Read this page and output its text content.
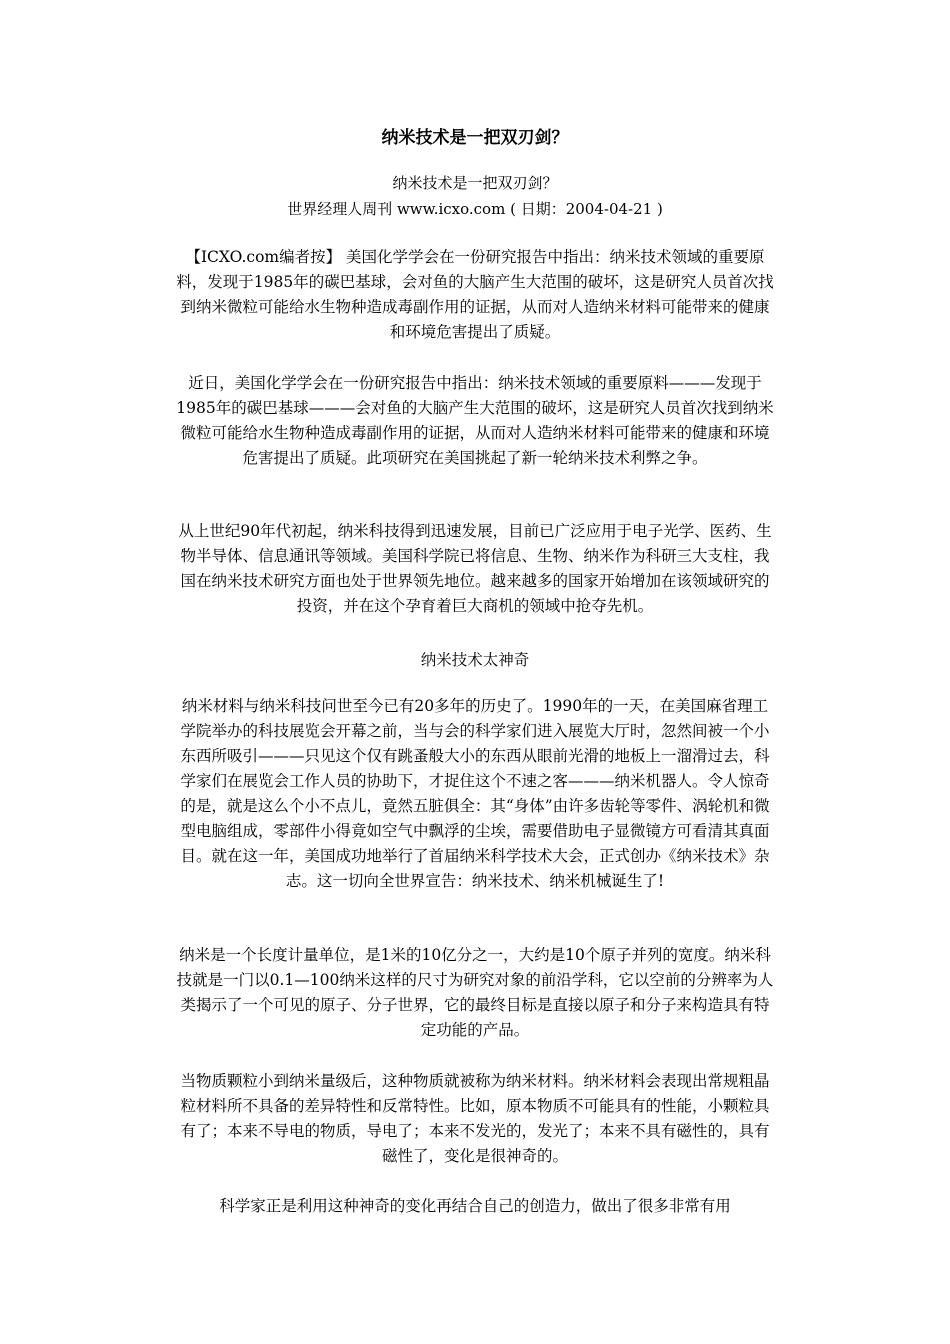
纳米技术是一把双刃剑？
纳米技术是一把双刃剑？
世界经理人周刊 www.icxo.com ( 日期：2004-04-21 )

【ICXO.com编者按】 美国化学学会在一份研究报告中指出：纳米技术领域的重要原料，发现于1985年的碳巴基球，会对鱼的大脑产生大范围的破坏，这是研究人员首次找到纳米微粒可能给水生物种造成毒副作用的证据，从而对人造纳米材料可能带来的健康和环境危害提出了质疑。

近日，美国化学学会在一份研究报告中指出：纳米技术领域的重要原料———发现于1985年的碳巴基球———会对鱼的大脑产生大范围的破坏，这是研究人员首次找到纳米微粒可能给水生物种造成毒副作用的证据，从而对人造纳米材料可能带来的健康和环境危害提出了质疑。此项研究在美国挑起了新一轮纳米技术利弊之争。

从上世纪90年代初起，纳米科技得到迅速发展，目前已广泛应用于电子光学、医药、生物半导体、信息通讯等领域。美国科学院已将信息、生物、纳米作为科研三大支柱，我国在纳米技术研究方面也处于世界领先地位。越来越多的国家开始增加在该领域研究的投资，并在这个孕育着巨大商机的领域中抢夺先机。

纳米技术太神奇

纳米材料与纳米科技问世至今已有20多年的历史了。1990年的一天，在美国麻省理工学院举办的科技展览会开幕之前，当与会的科学家们进入展览大厅时，忽然间被一个小东西所吸引———只见这个仅有跳蚤般大小的东西从眼前光滑的地板上一溜滑过去，科学家们在展览会工作人员的协助下，才捉住这个不速之客———纳米机器人。令人惊奇的是，就是这么个小不点儿，竟然五脏俱全：其“身体”由许多齿轮等零件、涡轮机和微型电脑组成，零部件小得竟如空气中飘浮的尘埃，需要借助电子显微镜方可看清其真面目。就在这一年，美国成功地举行了首届纳米科学技术大会，正式创办《纳米技术》杂志。这一切向全世界宣告：纳米技术、纳米机械诞生了!

纳米是一个长度计量单位，是1米的10亿分之一，大约是10个原子并列的宽度。纳米科技就是一门以0.1—100纳米这样的尺寸为研究对象的前沿学科，它以空前的分辨率为人类揭示了一个可见的原子、分子世界，它的最终目标是直接以原子和分子来构造具有特定功能的产品。

当物质颗粒小到纳米量级后，这种物质就被称为纳米材料。纳米材料会表现出常规粗晶粒材料所不具备的差异特性和反常特性。比如，原本物质不可能具有的性能，小颗粒具有了；本来不导电的物质，导电了；本来不发光的，发光了；本来不具有磁性的，具有磁性了，变化是很神奇的。

科学家正是利用这种神奇的变化再结合自己的创造力，做出了很多非常有用
